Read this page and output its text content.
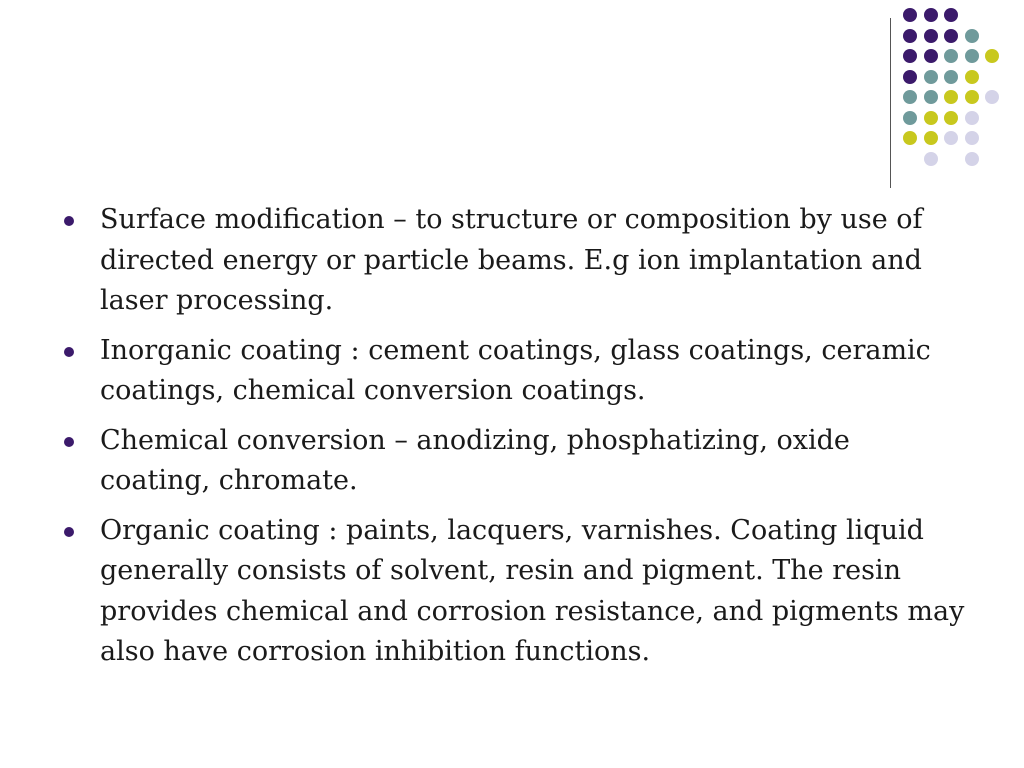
Surface modification – to structure or composition by use of directed energy or particle beams. E.g ion implantation and laser processing.
Inorganic coating : cement coatings, glass coatings, ceramic coatings, chemical conversion coatings.
Chemical conversion – anodizing, phosphatizing, oxide coating, chromate.
Organic coating : paints, lacquers, varnishes. Coating liquid generally consists of solvent, resin and pigment. The resin provides chemical and corrosion resistance, and pigments may also have corrosion inhibition functions.
